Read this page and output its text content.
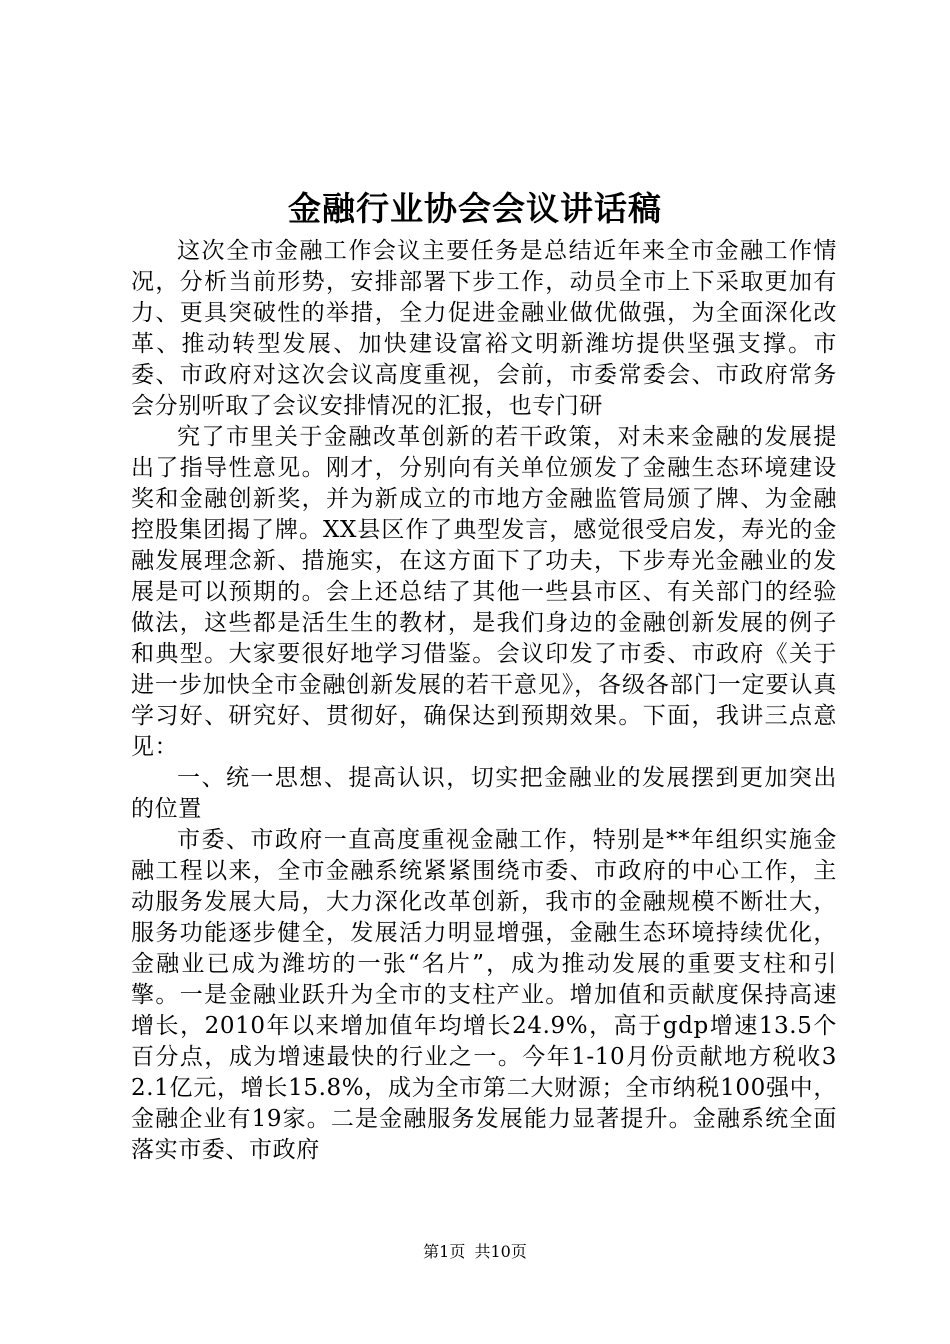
金融行业协会会议讲话稿

这次全市金融工作会议主要任务是总结近年来全市金融工作情况，分析当前形势，安排部署下步工作，动员全市上下采取更加有力、更具突破性的举措，全力促进金融业做优做强，为全面深化改革、推动转型发展、加快建设富裕文明新潍坊提供坚强支撑。市委、市政府对这次会议高度重视，会前，市委常委会、市政府常务会分别听取了会议安排情况的汇报，也专门研

究了市里关于金融改革创新的若干政策，对未来金融的发展提出了指导性意见。刚才，分别向有关单位颁发了金融生态环境建设奖和金融创新奖，并为新成立的市地方金融监管局颁了牌、为金融控股集团揭了牌。XX县区作了典型发言，感觉很受启发，寿光的金融发展理念新、措施实，在这方面下了功夫，下步寿光金融业的发展是可以预期的。会上还总结了其他一些县市区、有关部门的经验做法，这些都是活生生的教材，是我们身边的金融创新发展的例子和典型。大家要很好地学习借鉴。会议印发了市委、市政府《关于进一步加快全市金融创新发展的若干意见》，各级各部门一定要认真学习好、研究好、贯彻好，确保达到预期效果。下面，我讲三点意见：

一、统一思想、提高认识，切实把金融业的发展摆到更加突出的位置

市委、市政府一直高度重视金融工作，特别是**年组织实施金融工程以来，全市金融系统紧紧围绕市委、市政府的中心工作，主动服务发展大局，大力深化改革创新，我市的金融规模不断壮大，服务功能逐步健全，发展活力明显增强，金融生态环境持续优化，金融业已成为潍坊的一张“名片”，成为推动发展的重要支柱和引擎。一是金融业跃升为全市的支柱产业。增加值和贡献度保持高速增长，2010年以来增加值年均增长24.9%，高于gdp增速13.5个百分点，成为增速最快的行业之一。今年1-10月份贡献地方税收32.1亿元，增长15.8%，成为全市第二大财源；全市纳税100强中，金融企业有19家。二是金融服务发展能力显著提升。金融系统全面落实市委、市政府

第1页 共10页
